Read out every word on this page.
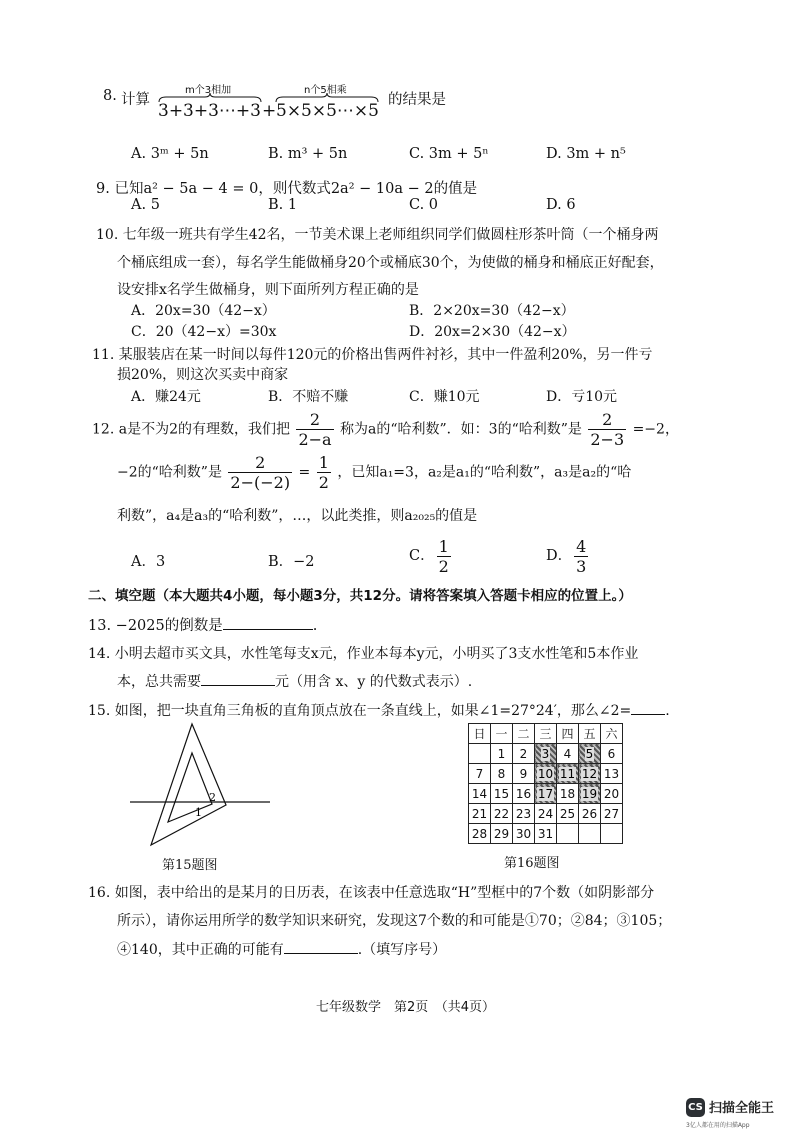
8. 计算
m个3相加
3+3+3⋯+3 +
n个5相乘
5×5×5⋯×5
的结果是
A. 3ᵐ + 5n	B. m³ + 5n	C. 3m + 5ⁿ	D. 3m + n⁵
9. 已知a² − 5a − 4 = 0，则代数式2a² − 10a − 2的值是
A. 5	B. 1	C. 0	D. 6
10. 七年级一班共有学生42名，一节美术课上老师组织同学们做圆柱形茶叶筒（一个桶身两
个桶底组成一套），每名学生能做桶身20个或桶底30个，为使做的桶身和桶底正好配套，
设安排x名学生做桶身，则下面所列方程正确的是
A．20x=30（42−x）	B．2×20x=30（42−x）
C．20（42−x）=30x	D．20x=2×30（42−x）
11. 某服装店在某一时间以每件120元的价格出售两件衬衫，其中一件盈利20%，另一件亏
损20%，则这次买卖中商家
A．赚24元	B．不赔不赚	C．赚10元	D．亏10元
12. a是不为2的有理数，我们把 $\frac{2}{2-a}$ 称为a的“哈利数”．如：3的“哈利数”是 $\frac{2}{2-3} =-2$，
−2的“哈利数”是 $\frac{2}{2-(-2)} = \frac{1}{2}$ ，已知a₁=3，a₂是a₁的“哈利数”，a₃是a₂的“哈
利数”，a₄是a₃的“哈利数”，…，以此类推，则a₂₀₂₅的值是
A．3	B．−2	C． $\frac{1}{2}$	D． $\frac{4}{3}$
二、填空题（本大题共4小题，每小题3分，共12分。请将答案填入答题卡相应的位置上。）
13. −2025的倒数是	.
14. 小明去超市买文具，水性笔每支x元，作业本每本y元，小明买了3支水性笔和5本作业
本，总共需要	元（用含 x、y 的代数式表示）.
15. 如图，把一块直角三角板的直角顶点放在一条直线上，如果∠1=27°24′，那么∠2= .
2
1
第15题图
日	一	二	三	四	五	六
	1	2	3	4	5	6
7	8	9	10	11	12	13
14	15	16	17	18	19	20
21	22	23	24	25	26	27
28	29	30	31			
第16题图
16. 如图，表中给出的是某月的日历表，在该表中任意选取“H”型框中的7个数（如阴影部分
所示），请你运用所学的数学知识来研究，发现这7个数的和可能是①70；②84；③105；
④140，其中正确的可能有	.（填写序号）
七年级数学　第2页　（共4页）
CS 扫描全能王
3亿人都在用的扫描App
